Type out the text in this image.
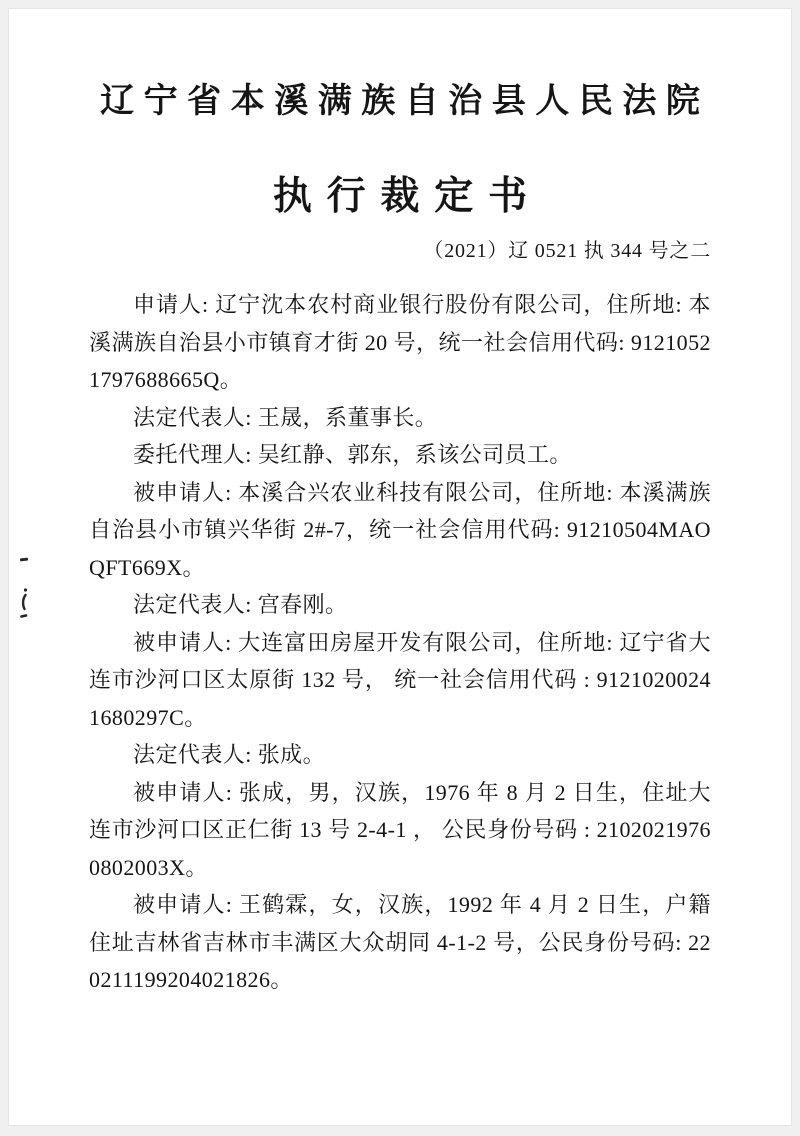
辽宁省本溪满族自治县人民法院
执行裁定书
（2021）辽 0521 执 344 号之二

申请人: 辽宁沈本农村商业银行股份有限公司，住所地: 本溪满族自治县小市镇育才街 20 号，统一社会信用代码: 91210521797688665Q。

法定代表人: 王晟，系董事长。

委托代理人: 吴红静、郭东，系该公司员工。

被申请人: 本溪合兴农业科技有限公司，住所地: 本溪满族自治县小市镇兴华街 2#-7，统一社会信用代码: 91210504MAOQFT669X。

法定代表人: 宫春刚。

被申请人: 大连富田房屋开发有限公司，住所地: 辽宁省大连市沙河口区太原街 132 号， 统一社会信用代码 : 91210200241680297C。

法定代表人: 张成。

被申请人: 张成，男，汉族，1976 年 8 月 2 日生，住址大连市沙河口区正仁街 13 号 2-4-1 ， 公民身份号码 : 21020219760802003X。

被申请人: 王鹤霖，女，汉族，1992 年 4 月 2 日生，户籍住址吉林省吉林市丰满区大众胡同 4-1-2 号，公民身份号码: 220211199204021826。
